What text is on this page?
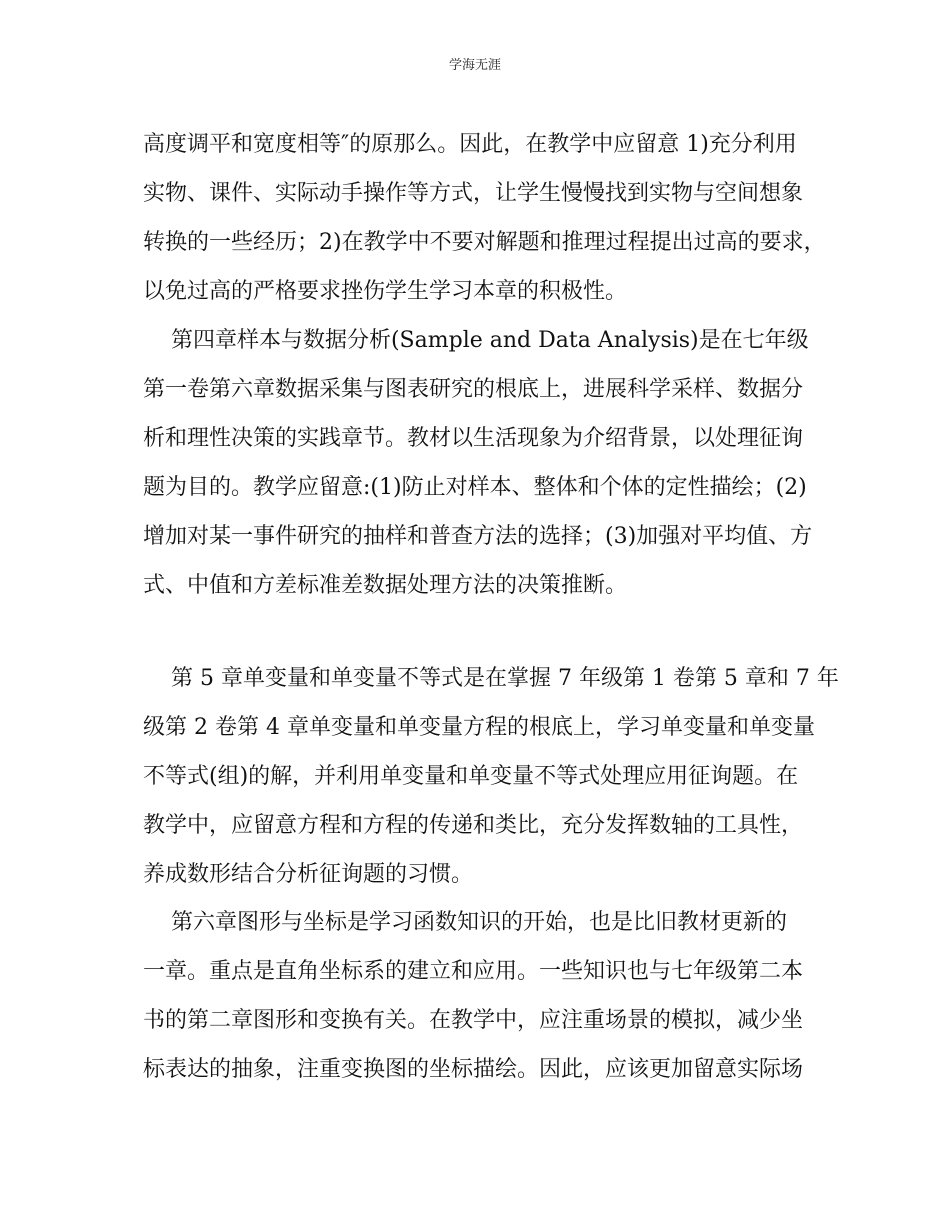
学海无涯
高度调平和宽度相等″的原那么。因此，在教学中应留意 1)充分利用
实物、课件、实际动手操作等方式，让学生慢慢找到实物与空间想象
转换的一些经历；2)在教学中不要对解题和推理过程提出过高的要求，
以免过高的严格要求挫伤学生学习本章的积极性。
第四章样本与数据分析(Sample and Data Analysis)是在七年级
第一卷第六章数据采集与图表研究的根底上，进展科学采样、数据分
析和理性决策的实践章节。教材以生活现象为介绍背景，以处理征询
题为目的。教学应留意:(1)防止对样本、整体和个体的定性描绘；(2)
增加对某一事件研究的抽样和普查方法的选择；(3)加强对平均值、方
式、中值和方差标准差数据处理方法的决策推断。
第 5 章单变量和单变量不等式是在掌握 7 年级第 1 卷第 5 章和 7 年
级第 2 卷第 4 章单变量和单变量方程的根底上，学习单变量和单变量
不等式(组)的解，并利用单变量和单变量不等式处理应用征询题。在
教学中，应留意方程和方程的传递和类比，充分发挥数轴的工具性，
养成数形结合分析征询题的习惯。
第六章图形与坐标是学习函数知识的开始，也是比旧教材更新的
一章。重点是直角坐标系的建立和应用。一些知识也与七年级第二本
书的第二章图形和变换有关。在教学中，应注重场景的模拟，减少坐
标表达的抽象，注重变换图的坐标描绘。因此，应该更加留意实际场
